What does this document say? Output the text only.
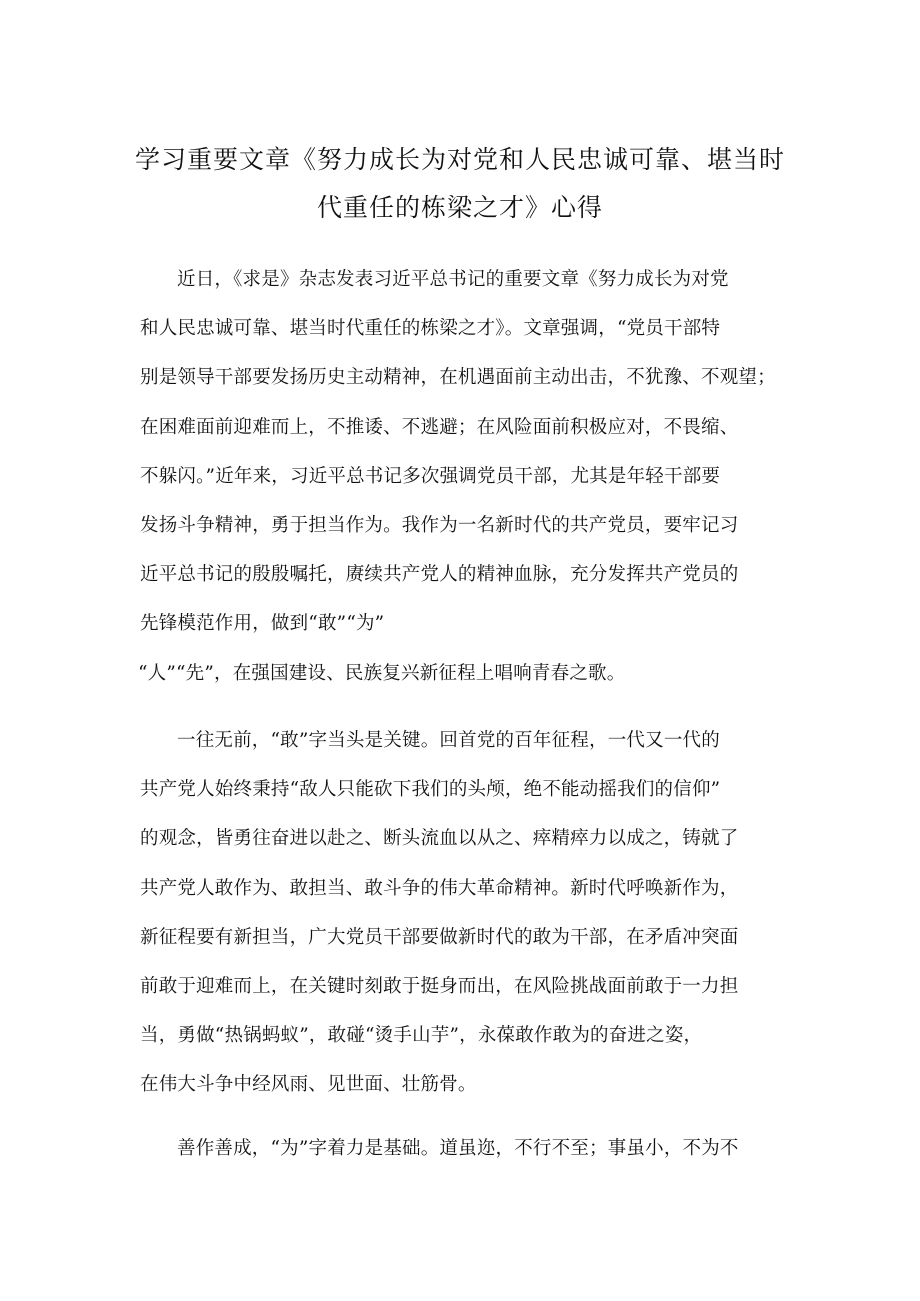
学习重要文章《努力成长为对党和人民忠诚可靠、堪当时
代重任的栋梁之才》心得
近日，《求是》杂志发表习近平总书记的重要文章《努力成长为对党
和人民忠诚可靠、堪当时代重任的栋梁之才》。文章强调，“党员干部特
别是领导干部要发扬历史主动精神，在机遇面前主动出击，不犹豫、不观望；
在困难面前迎难而上，不推诿、不逃避；在风险面前积极应对，不畏缩、
不躲闪。”近年来，习近平总书记多次强调党员干部，尤其是年轻干部要
发扬斗争精神，勇于担当作为。我作为一名新时代的共产党员，要牢记习
近平总书记的殷殷嘱托，赓续共产党人的精神血脉，充分发挥共产党员的
先锋模范作用，做到“敢”“为”
“人”“先”，在强国建设、民族复兴新征程上唱响青春之歌。
一往无前，“敢”字当头是关键。回首党的百年征程，一代又一代的
共产党人始终秉持“敌人只能砍下我们的头颅，绝不能动摇我们的信仰”
的观念，皆勇往奋进以赴之、断头流血以从之、瘁精瘁力以成之，铸就了
共产党人敢作为、敢担当、敢斗争的伟大革命精神。新时代呼唤新作为，
新征程要有新担当，广大党员干部要做新时代的敢为干部，在矛盾冲突面
前敢于迎难而上，在关键时刻敢于挺身而出，在风险挑战面前敢于一力担
当，勇做“热锅蚂蚁”，敢碰“烫手山芋”，永葆敢作敢为的奋进之姿，
在伟大斗争中经风雨、见世面、壮筋骨。
善作善成，“为”字着力是基础。道虽迩，不行不至；事虽小，不为不
